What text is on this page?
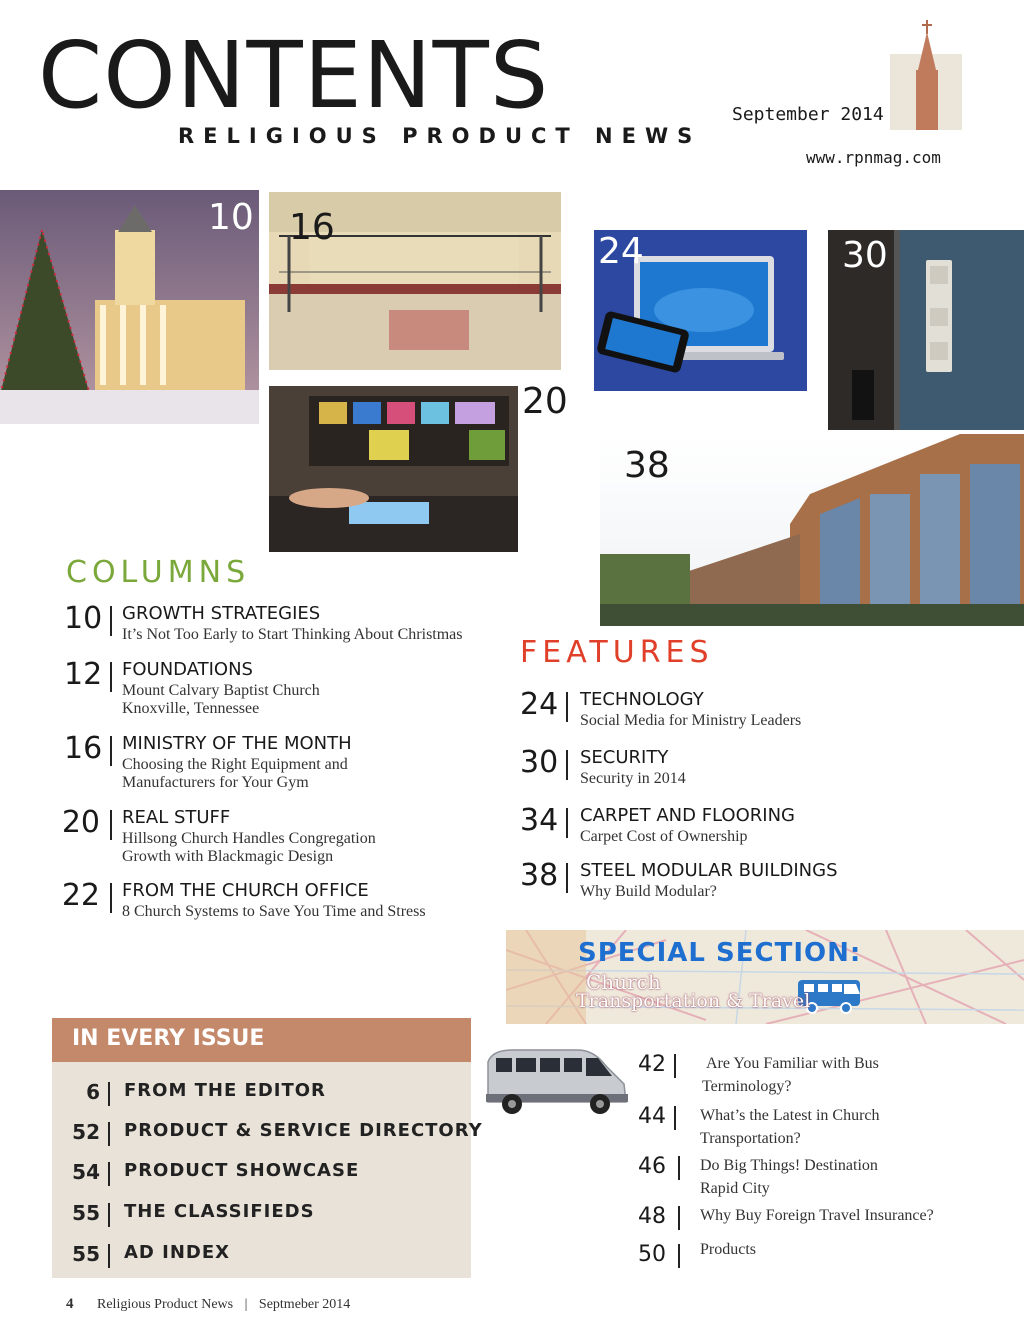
CONTENTS
RELIGIOUS PRODUCT NEWS
September 2014
www.rpnmag.com
10 16
20
24	30
38
COLUMNS
10 GROWTH STRATEGIES
It’s Not Too Early to Start Thinking About Christmas
12 FOUNDATIONS
Mount Calvary Baptist Church
Knoxville, Tennessee
16 MINISTRY OF THE MONTH
Choosing the Right Equipment and
Manufacturers for Your Gym
20 REAL STUFF
Hillsong Church Handles Congregation
Growth with Blackmagic Design
22 FROM THE CHURCH OFFICE
8 Church Systems to Save You Time and Stress
FEATURES
24 TECHNOLOGY
Social Media for Ministry Leaders
30 SECURITY
Security in 2014
34 CARPET AND FLOORING
Carpet Cost of Ownership
38 STEEL MODULAR BUILDINGS
Why Build Modular?
SPECIAL SECTION:
Church
Transportation & Travel
42	Are You Familiar with Bus
Terminology?
44 What’s the Latest in Church
Transportation?
46 Do Big Things! Destination
Rapid City
48 Why Buy Foreign Travel Insurance?
50 Products
IN EVERY ISSUE
6 FROM THE EDITOR
52 PRODUCT & SERVICE DIRECTORY
54 PRODUCT SHOWCASE
55 THE CLASSIFIEDS
55 AD INDEX
4 Religious Product News | Septmeber 2014
